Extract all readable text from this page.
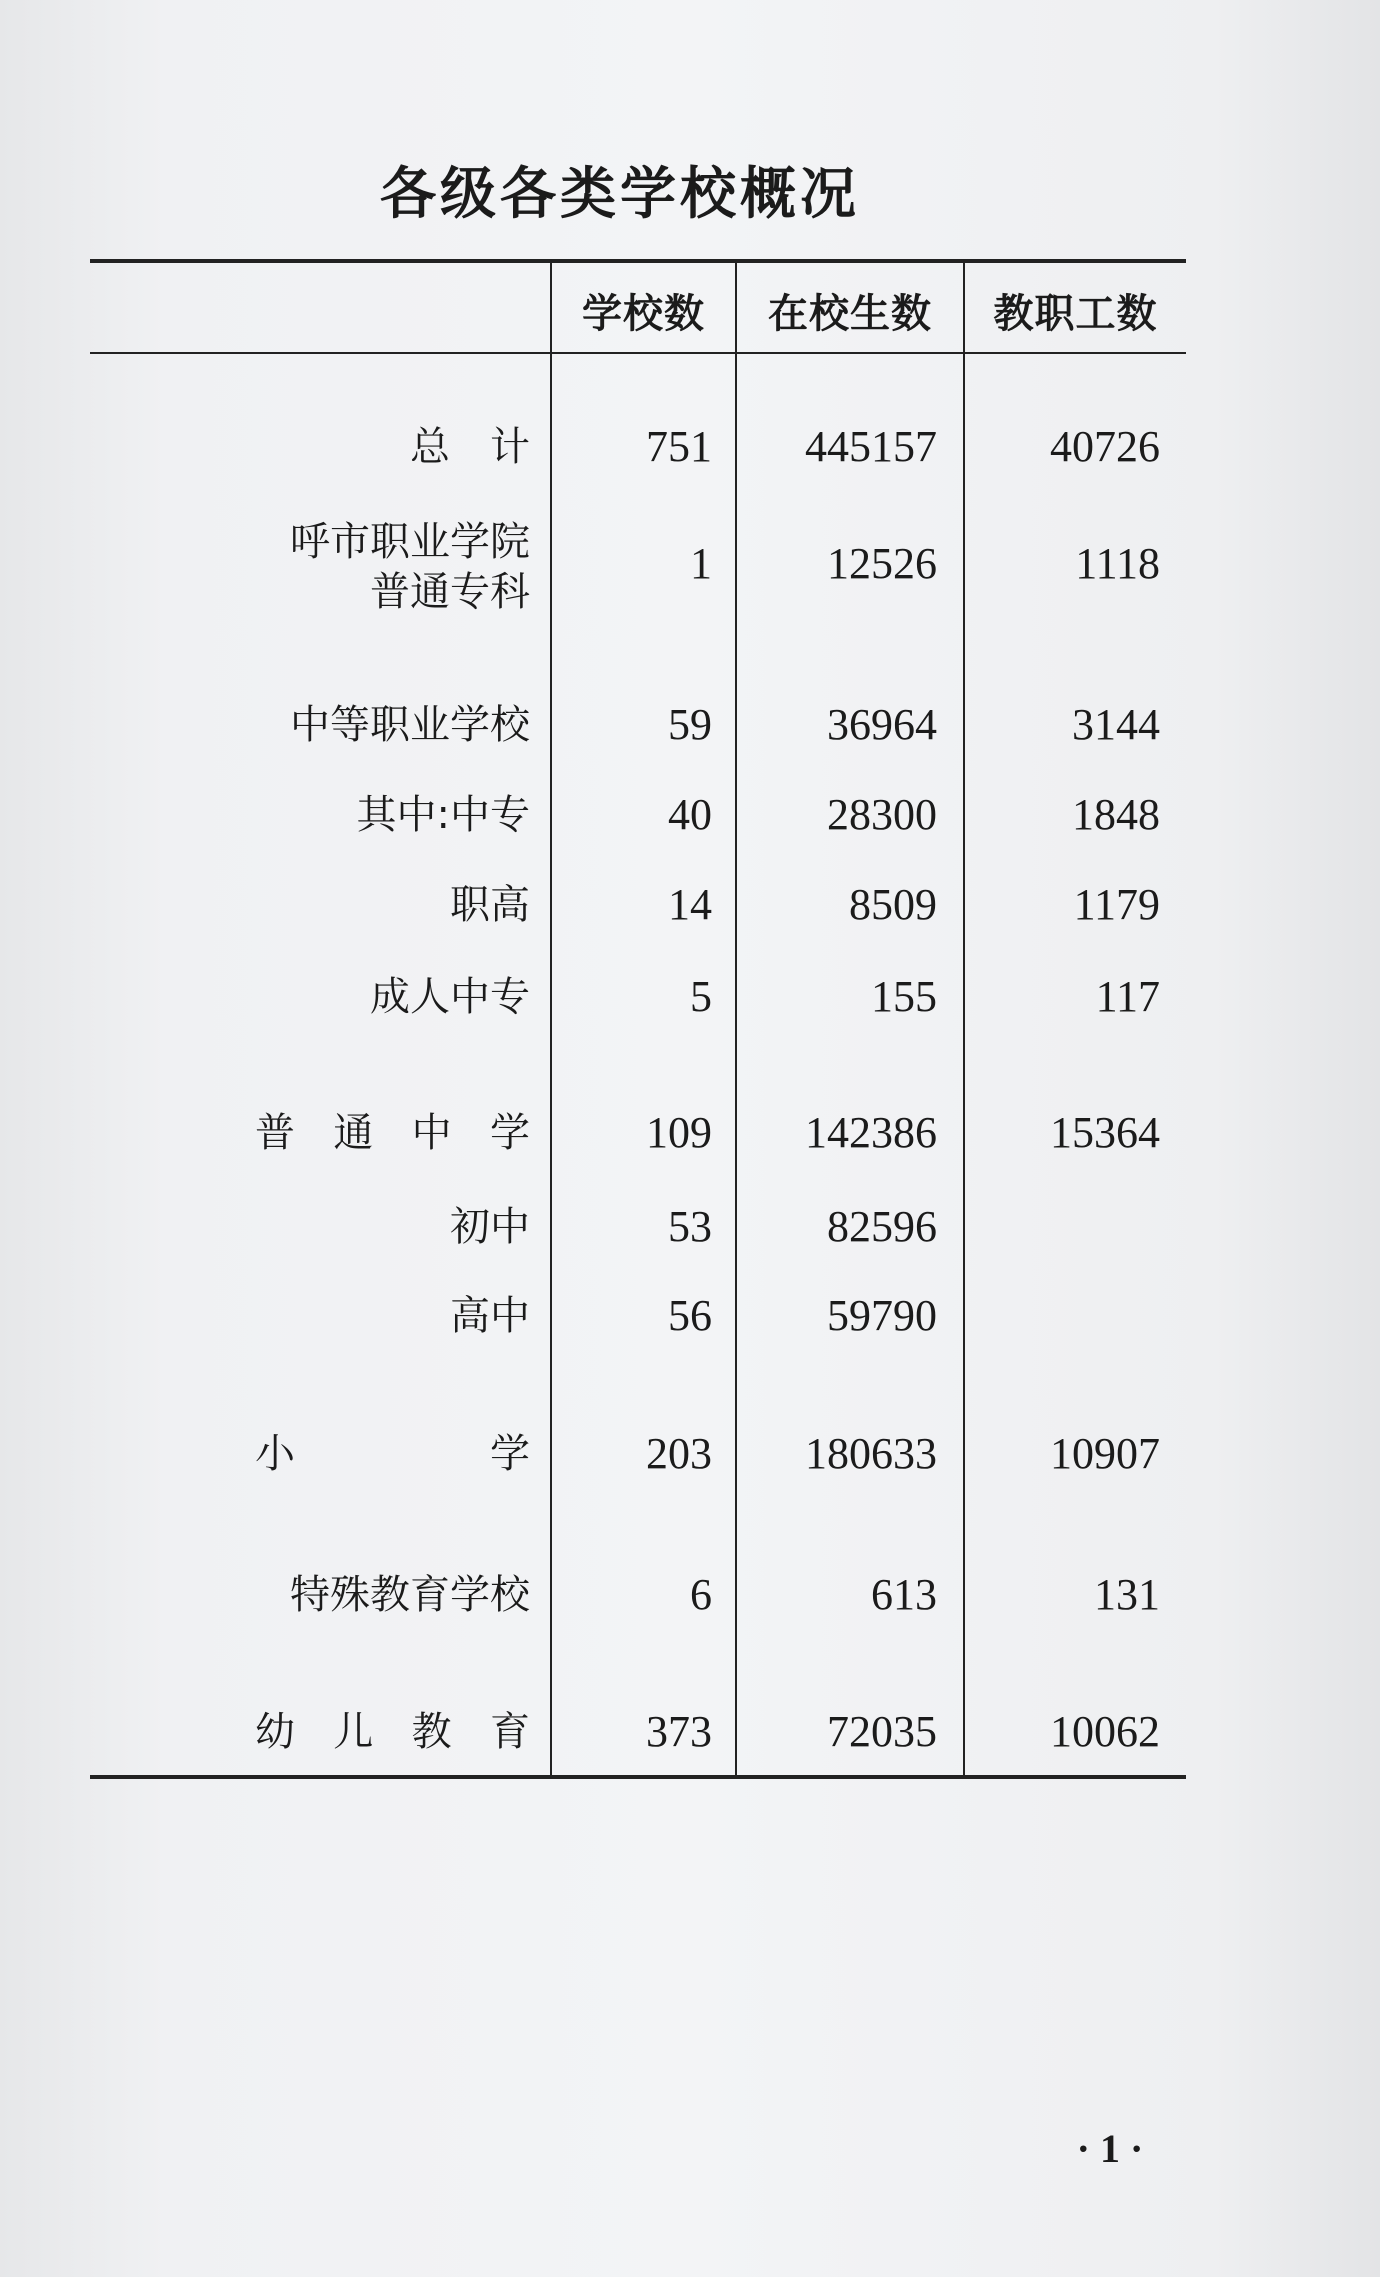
各级各类学校概况
学校数	在校生数	教职工数
总　计	751	445157	40726
呼市职业学院
普通专科
1	12526	1118
中等职业学校	59	36964	3144
其中:中专	40	28300	1848
职高	14	8509	1179
成人中专	5	155	117
普通中学	109	142386	15364
初中	53	82596
高中	56	59790
小学	203	180633	10907
特殊教育学校	6	613	131
幼儿教育	373	72035	10062
· 1 ·
